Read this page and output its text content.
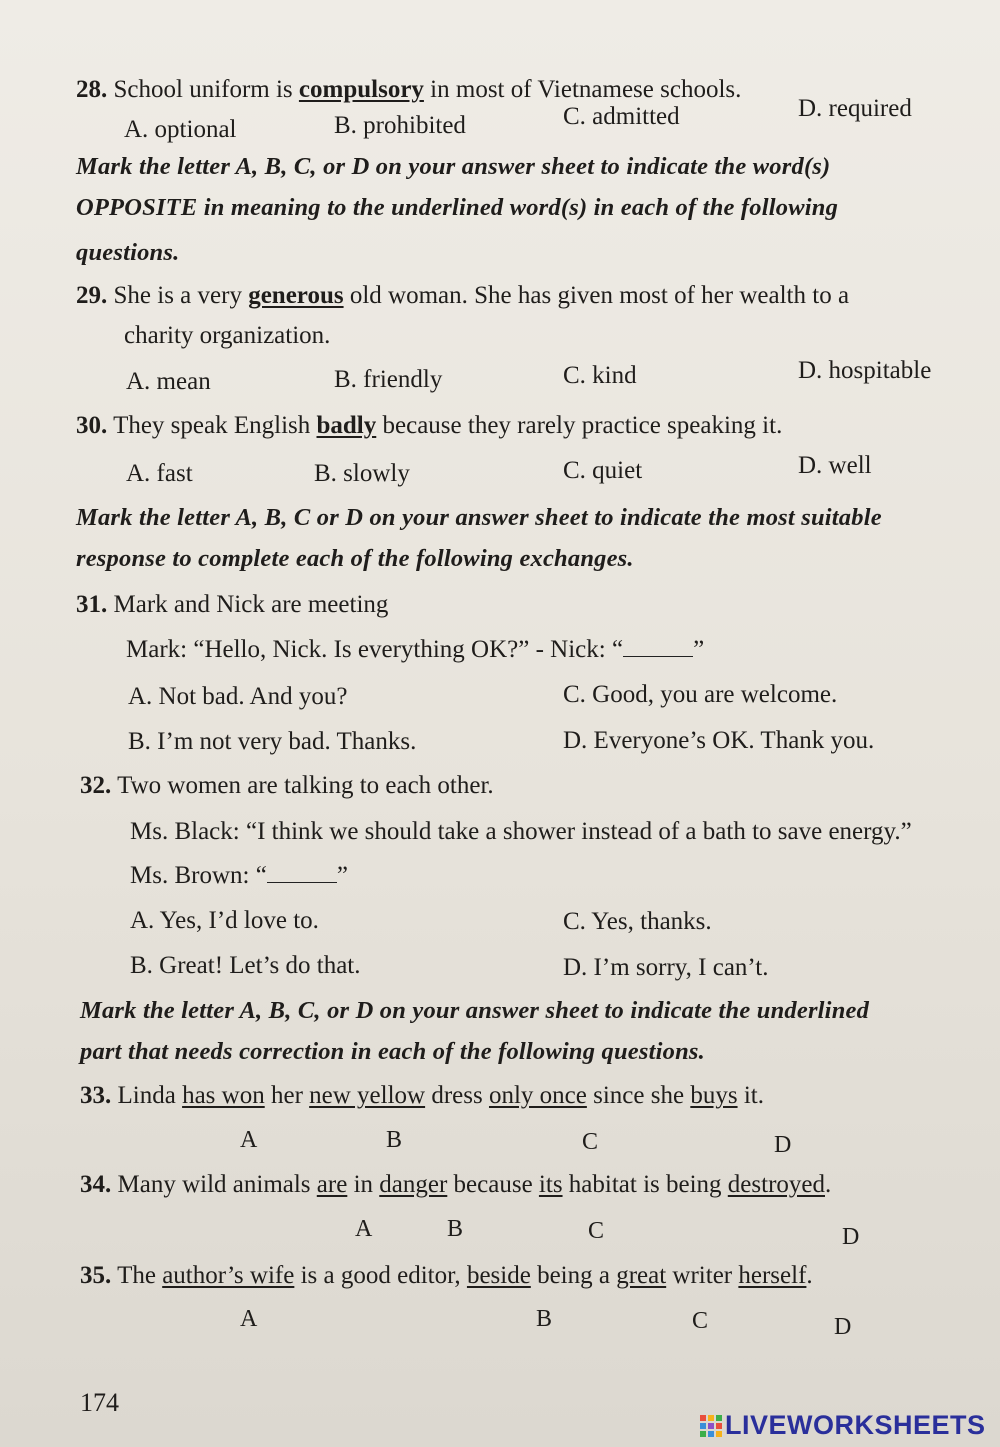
28. School uniform is compulsory in most of Vietnamese schools.
A. optional	B. prohibited	C. admitted	D. required
Mark the letter A, B, C, or D on your answer sheet to indicate the word(s)
OPPOSITE in meaning to the underlined word(s) in each of the following
questions.
29. She is a very generous old woman. She has given most of her wealth to a
charity organization.
A. mean	B. friendly	C. kind	D. hospitable
30. They speak English badly because they rarely practice speaking it.
A. fast	B. slowly	C. quiet	D. well
Mark the letter A, B, C or D on your answer sheet to indicate the most suitable
response to complete each of the following exchanges.
31. Mark and Nick are meeting
Mark: “Hello, Nick. Is everything OK?” - Nick: “	”
A. Not bad. And you?	C. Good, you are welcome.
B. I’m not very bad. Thanks.	D. Everyone’s OK. Thank you.
32. Two women are talking to each other.
Ms. Black: “I think we should take a shower instead of a bath to save energy.”
Ms. Brown: “	”
A. Yes, I’d love to.	C. Yes, thanks.
B. Great! Let’s do that.	D. I’m sorry, I can’t.
Mark the letter A, B, C, or D on your answer sheet to indicate the underlined
part that needs correction in each of the following questions.
33. Linda has won her new yellow dress only once since she buys it.
A	B	C	D
34. Many wild animals are in danger because its habitat is being destroyed.
A	B	C	D
35. The author’s wife is a good editor, beside being a great writer herself.
A	B	C	D
174
LIVEWORKSHEETS
